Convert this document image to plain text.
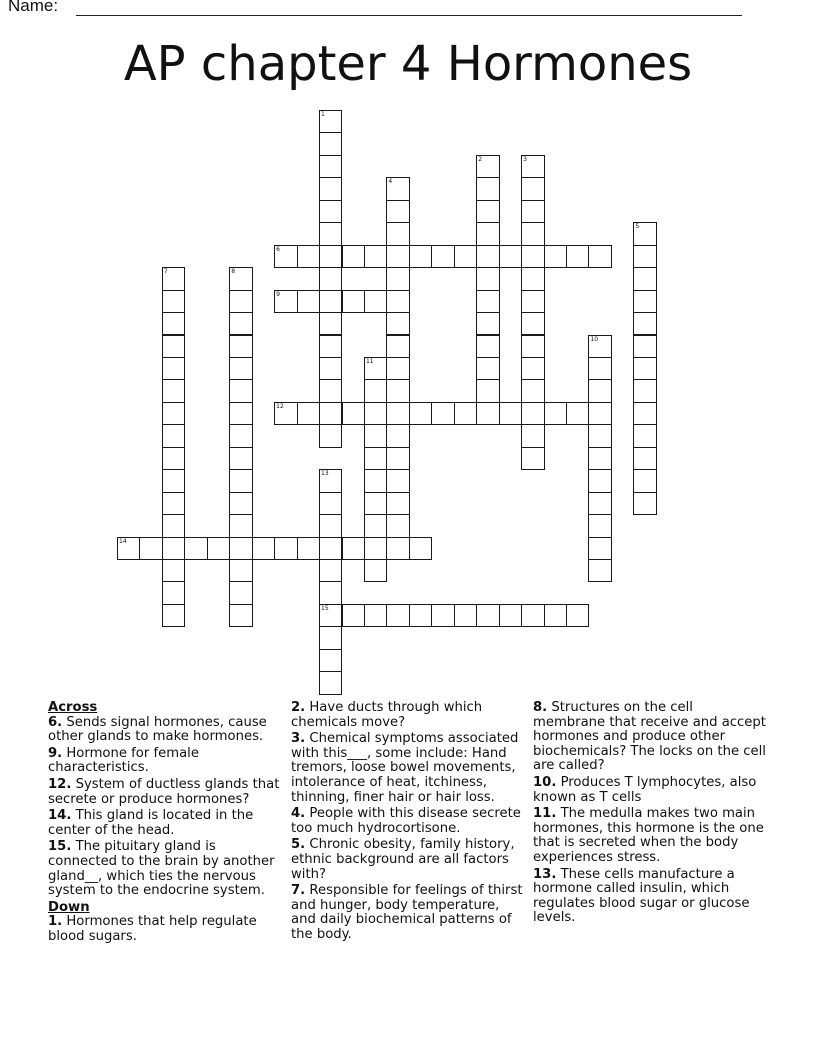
Name:
AP chapter 4 Hormones
1
2	3
4
5
6
7	8
9
10
11
12
13
15
14
Across
6. Sends signal hormones, cause other glands to make hormones.
9. Hormone for female characteristics.
12. System of ductless glands that secrete or produce hormones?
14. This gland is located in the center of the head.
15. The pituitary gland is connected to the brain by another gland__, which ties the nervous system to the endocrine system.
Down
1. Hormones that help regulate blood sugars.
2. Have ducts through which chemicals move?
3. Chemical symptoms associated with this___, some include: Hand tremors, loose bowel movements, intolerance of heat, itchiness, thinning, finer hair or hair loss.
4. People with this disease secrete too much hydrocortisone.
5. Chronic obesity, family history, ethnic background are all factors with?
7. Responsible for feelings of thirst and hunger, body temperature, and daily biochemical patterns of the body.
8. Structures on the cell membrane that receive and accept hormones and produce other biochemicals? The locks on the cell are called?
10. Produces T lymphocytes, also known as T cells
11. The medulla makes two main hormones, this hormone is the one that is secreted when the body experiences stress.
13. These cells manufacture a hormone called insulin, which regulates blood sugar or glucose levels.
